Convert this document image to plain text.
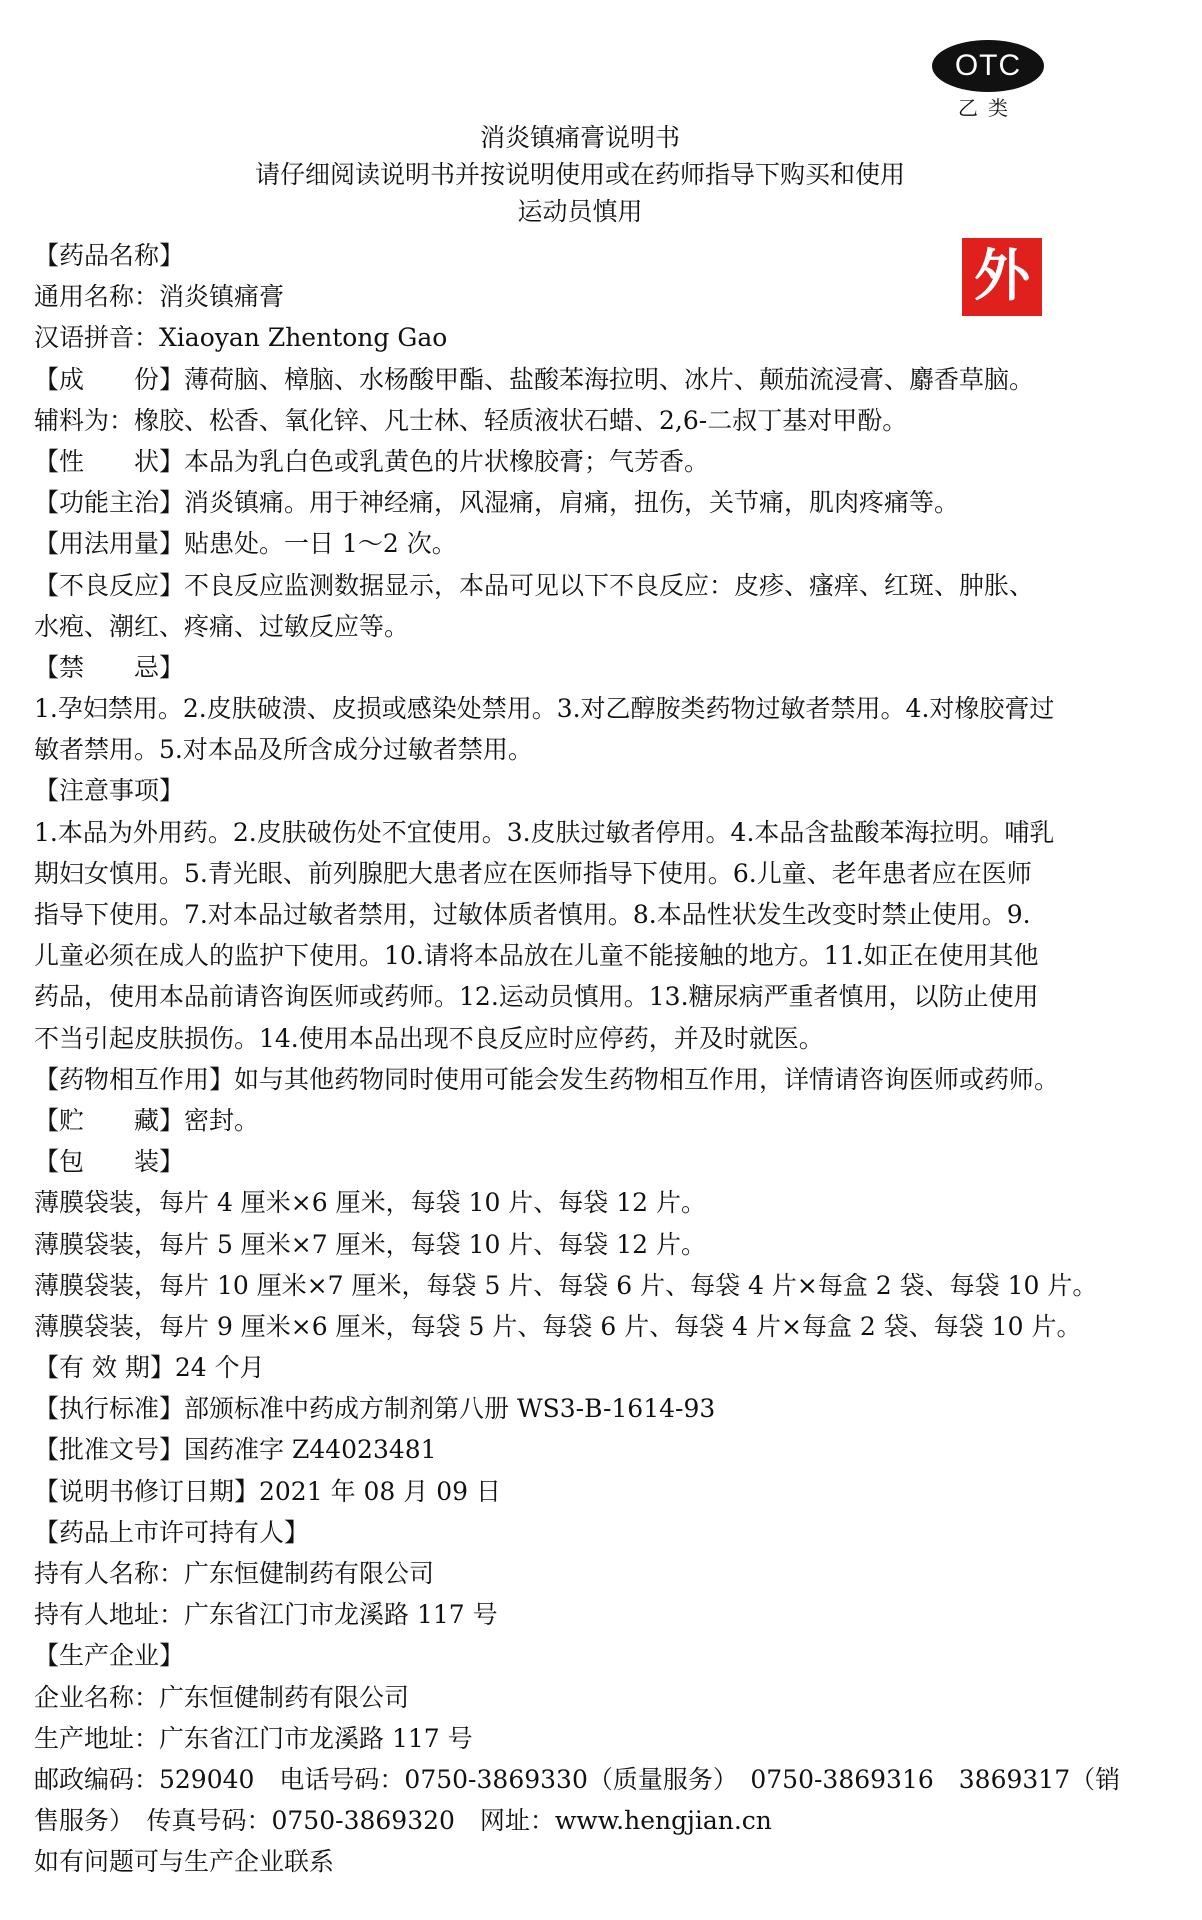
OTC
乙类
外
消炎镇痛膏说明书
请仔细阅读说明书并按说明使用或在药师指导下购买和使用
运动员慎用
【药品名称】
通用名称：消炎镇痛膏
汉语拼音：Xiaoyan Zhentong Gao
【成　　份】薄荷脑、樟脑、水杨酸甲酯、盐酸苯海拉明、冰片、颠茄流浸膏、麝香草脑。
辅料为：橡胶、松香、氧化锌、凡士林、轻质液状石蜡、2,6-二叔丁基对甲酚。
【性　　状】本品为乳白色或乳黄色的片状橡胶膏；气芳香。
【功能主治】消炎镇痛。用于神经痛，风湿痛，肩痛，扭伤，关节痛，肌肉疼痛等。
【用法用量】贴患处。一日 1～2 次。
【不良反应】不良反应监测数据显示，本品可见以下不良反应：皮疹、瘙痒、红斑、肿胀、
水疱、潮红、疼痛、过敏反应等。
【禁　　忌】
1.孕妇禁用。2.皮肤破溃、皮损或感染处禁用。3.对乙醇胺类药物过敏者禁用。4.对橡胶膏过
敏者禁用。5.对本品及所含成分过敏者禁用。
【注意事项】
1.本品为外用药。2.皮肤破伤处不宜使用。3.皮肤过敏者停用。4.本品含盐酸苯海拉明。哺乳
期妇女慎用。5.青光眼、前列腺肥大患者应在医师指导下使用。6.儿童、老年患者应在医师
指导下使用。7.对本品过敏者禁用，过敏体质者慎用。8.本品性状发生改变时禁止使用。9.
儿童必须在成人的监护下使用。10.请将本品放在儿童不能接触的地方。11.如正在使用其他
药品，使用本品前请咨询医师或药师。12.运动员慎用。13.糖尿病严重者慎用，以防止使用
不当引起皮肤损伤。14.使用本品出现不良反应时应停药，并及时就医。
【药物相互作用】如与其他药物同时使用可能会发生药物相互作用，详情请咨询医师或药师。
【贮　　藏】密封。
【包　　装】
薄膜袋装，每片 4 厘米×6 厘米，每袋 10 片、每袋 12 片。
薄膜袋装，每片 5 厘米×7 厘米，每袋 10 片、每袋 12 片。
薄膜袋装，每片 10 厘米×7 厘米，每袋 5 片、每袋 6 片、每袋 4 片×每盒 2 袋、每袋 10 片。
薄膜袋装，每片 9 厘米×6 厘米，每袋 5 片、每袋 6 片、每袋 4 片×每盒 2 袋、每袋 10 片。
【有 效 期】24 个月
【执行标准】部颁标准中药成方制剂第八册 WS3-B-1614-93
【批准文号】国药准字 Z44023481
【说明书修订日期】2021 年 08 月 09 日
【药品上市许可持有人】
持有人名称：广东恒健制药有限公司
持有人地址：广东省江门市龙溪路 117 号
【生产企业】
企业名称：广东恒健制药有限公司
生产地址：广东省江门市龙溪路 117 号
邮政编码：529040　电话号码：0750-3869330（质量服务）　0750-3869316　3869317（销
售服务）　传真号码：0750-3869320　网址：www.hengjian.cn
如有问题可与生产企业联系
